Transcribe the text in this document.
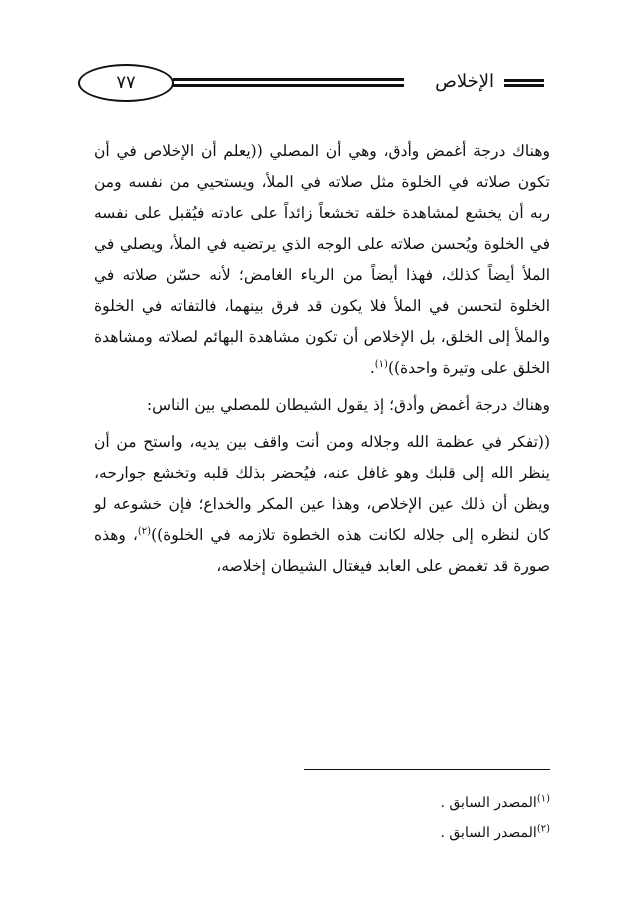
الإخلاص
٧٧

وهناك درجة أغمض وأدق، وهي أن المصلي ((يعلم أن الإخلاص في أن تكون صلاته في الخلوة مثل صلاته في الملأ، ويستحيي من نفسه ومن ربه أن يخشع لمشاهدة خلقه تخشعاً زائداً على عادته فيُقبل على نفسه في الخلوة ويُحسن صلاته على الوجه الذي يرتضيه في الملأ، ويصلي في الملأ أيضاً كذلك، فهذا أيضاً من الرياء الغامض؛ لأنه حسّن صلاته في الخلوة لتحسن في الملأ فلا يكون قد فرق بينهما، فالتفاته في الخلوة والملأ إلى الخلق، بل الإخلاص أن تكون مشاهدة البهائم لصلاته ومشاهدة الخلق على وتيرة واحدة))$^{(١)}$.

وهناك درجة أغمض وأدق؛ إذ يقول الشيطان للمصلي بين الناس:

((تفكر في عظمة الله وجلاله ومن أنت واقف بين يديه، واستح من أن ينظر الله إلى قلبك وهو غافل عنه، فيُحضر بذلك قلبه وتخشع جوارحه، ويظن أن ذلك عين الإخلاص، وهذا عين المكر والخداع؛ فإن خشوعه لو كان لنظره إلى جلاله لكانت هذه الخطوة تلازمه في الخلوة))$^{(٢)}$، وهذه صورة قد تغمض على العابد فيغتال الشيطان إخلاصه،

$^{(١)}$المصدر السابق .

$^{(٢)}$المصدر السابق .
